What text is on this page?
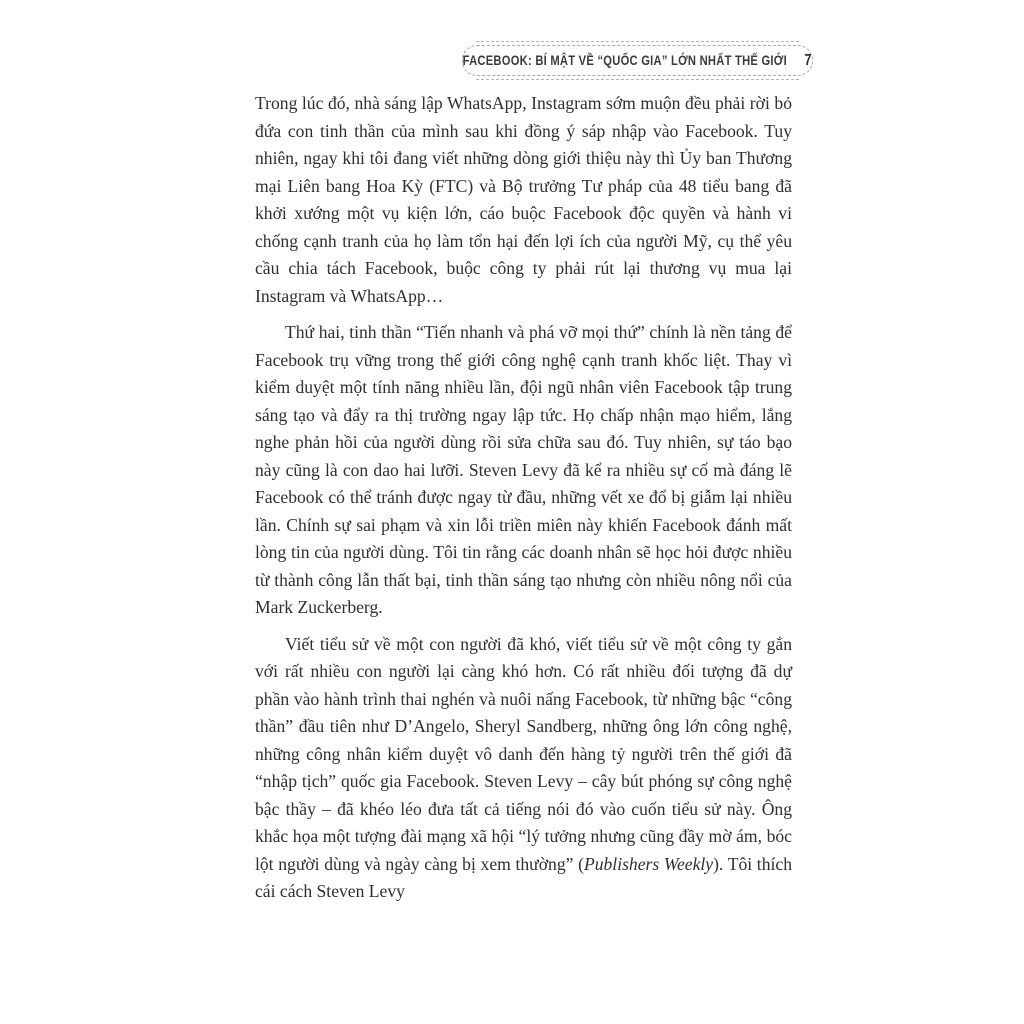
FACEBOOK: BÍ MẬT VỀ “QUỐC GIA” LỚN NHẤT THẾ GIỚI 7

Trong lúc đó, nhà sáng lập WhatsApp, Instagram sớm muộn đều phải rời bỏ đứa con tinh thần của mình sau khi đồng ý sáp nhập vào Facebook. Tuy nhiên, ngay khi tôi đang viết những dòng giới thiệu này thì Ủy ban Thương mại Liên bang Hoa Kỳ (FTC) và Bộ trưởng Tư pháp của 48 tiểu bang đã khởi xướng một vụ kiện lớn, cáo buộc Facebook độc quyền và hành vi chống cạnh tranh của họ làm tổn hại đến lợi ích của người Mỹ, cụ thể yêu cầu chia tách Facebook, buộc công ty phải rút lại thương vụ mua lại Instagram và WhatsApp…

Thứ hai, tinh thần “Tiến nhanh và phá vỡ mọi thứ” chính là nền tảng để Facebook trụ vững trong thế giới công nghệ cạnh tranh khốc liệt. Thay vì kiểm duyệt một tính năng nhiều lần, đội ngũ nhân viên Facebook tập trung sáng tạo và đẩy ra thị trường ngay lập tức. Họ chấp nhận mạo hiểm, lắng nghe phản hồi của người dùng rồi sửa chữa sau đó. Tuy nhiên, sự táo bạo này cũng là con dao hai lưỡi. Steven Levy đã kể ra nhiều sự cố mà đáng lẽ Facebook có thể tránh được ngay từ đầu, những vết xe đổ bị giẫm lại nhiều lần. Chính sự sai phạm và xin lỗi triền miên này khiến Facebook đánh mất lòng tin của người dùng. Tôi tin rằng các doanh nhân sẽ học hỏi được nhiều từ thành công lẫn thất bại, tinh thần sáng tạo nhưng còn nhiều nông nổi của Mark Zuckerberg.

Viết tiểu sử về một con người đã khó, viết tiểu sử về một công ty gắn với rất nhiều con người lại càng khó hơn. Có rất nhiều đối tượng đã dự phần vào hành trình thai nghén và nuôi nấng Facebook, từ những bậc “công thần” đầu tiên như D’Angelo, Sheryl Sandberg, những ông lớn công nghệ, những công nhân kiểm duyệt vô danh đến hàng tỷ người trên thế giới đã “nhập tịch” quốc gia Facebook. Steven Levy – cây bút phóng sự công nghệ bậc thầy – đã khéo léo đưa tất cả tiếng nói đó vào cuốn tiểu sử này. Ông khắc họa một tượng đài mạng xã hội “lý tưởng nhưng cũng đầy mờ ám, bóc lột người dùng và ngày càng bị xem thường” (Publishers Weekly). Tôi thích cái cách Steven Levy
